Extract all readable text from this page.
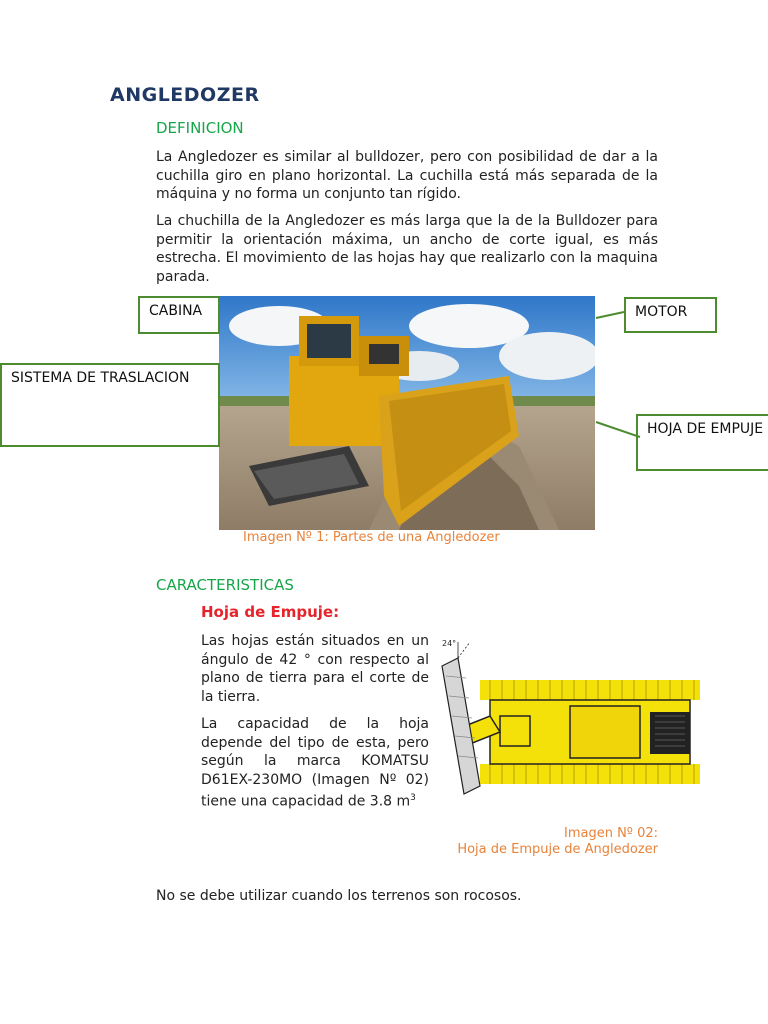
ANGLEDOZER
DEFINICION
La Angledozer es similar al bulldozer, pero con posibilidad de dar a la cuchilla giro en plano horizontal. La cuchilla está más separada de la máquina y no forma un conjunto tan rígido.
La chuchilla de la Angledozer es más larga que la de la Bulldozer para permitir la orientación máxima, un ancho de corte igual, es más estrecha. El movimiento de las hojas hay que realizarlo con la maquina parada.
CABINA	MOTOR
SISTEMA DE TRASLACION
HOJA DE EMPUJE
Imagen Nº 1: Partes de una Angledozer
CARACTERISTICAS
Hoja de Empuje:
Las hojas están situados en un ángulo de 42 ° con respecto al plano de tierra para el corte de la tierra.
La capacidad de la hoja depende del tipo de esta, pero según la marca KOMATSU D61EX-230MO (Imagen Nº 02) tiene una capacidad de 3.8 $m^3$
24°
Imagen Nº 02:
Hoja de Empuje de Angledozer
No se debe utilizar cuando los terrenos son rocosos.
